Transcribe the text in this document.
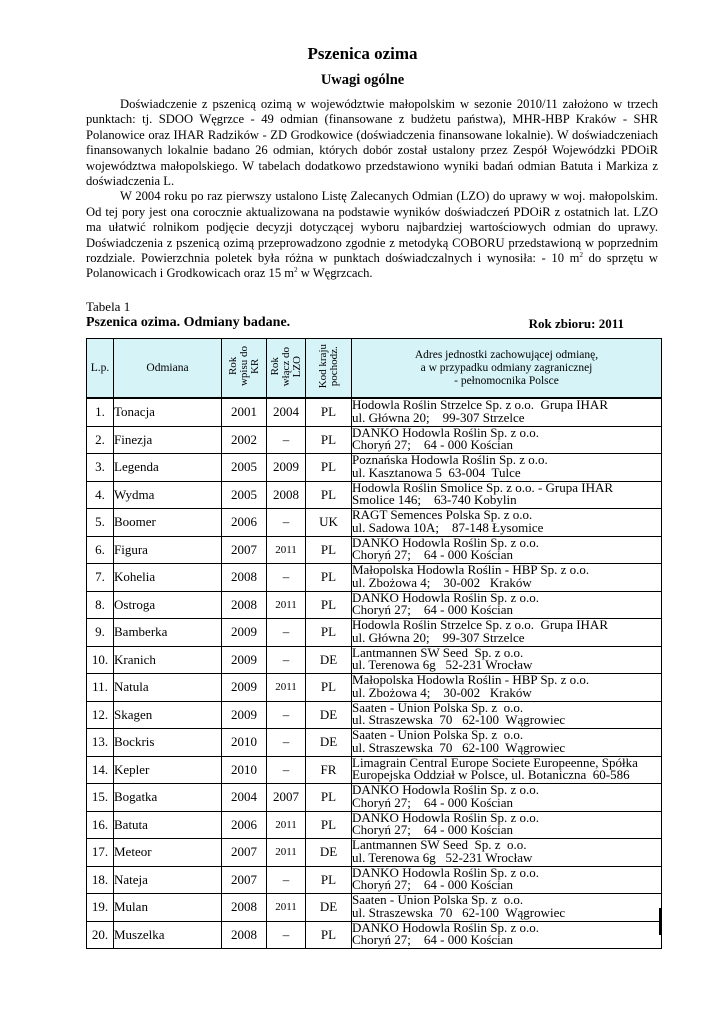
Pszenica ozima
Uwagi ogólne

Doświadczenie z pszenicą ozimą w województwie małopolskim w sezonie 2010/11 założono w trzech punktach: tj. SDOO Węgrzce - 49 odmian (finansowane z budżetu państwa), MHR-HBP Kraków - SHR Polanowice oraz IHAR Radzików - ZD Grodkowice (doświadczenia finansowane lokalnie). W doświadczeniach finansowanych lokalnie badano 26 odmian, których dobór został ustalony przez Zespół Wojewódzki PDOiR województwa małopolskiego. W tabelach dodatkowo przedstawiono wyniki badań odmian Batuta i Markiza z doświadczenia L.

W 2004 roku po raz pierwszy ustalono Listę Zalecanych Odmian (LZO) do uprawy w woj. małopolskim. Od tej pory jest ona corocznie aktualizowana na podstawie wyników doświadczeń PDOiR z ostatnich lat. LZO ma ułatwić rolnikom podjęcie decyzji dotyczącej wyboru najbardziej wartościowych odmian do uprawy. Doświadczenia z pszenicą ozimą przeprowadzono zgodnie z metodyką COBORU przedstawioną w poprzednim rozdziale. Powierzchnia poletek była różna w punktach doświadczalnych i wynosiła: - 10 $m^2$ do sprzętu w Polanowicach i Grodkowicach oraz 15 $m^2$ w Węgrzcach.

Tabela 1
Pszenica ozima. Odmiany badane.	Rok zbioru: 2011
L.p.	Odmiana	Rok
wpisu do
KR	Rok
włącz do
LZO	Kod kraju
pochodz.	Adres jednostki zachowującej odmianę,
a w przypadku odmiany zagranicznej
- pełnomocnika Polsce
1.	Tonacja	2001	2004	PL	Hodowla Roślin Strzelce Sp. z o.o.  Grupa IHAR
ul. Główna 20;    99-307 Strzelce
2.	Finezja	2002	–	PL	DANKO Hodowla Roślin Sp. z o.o.
Choryń 27;    64 - 000 Kościan
3.	Legenda	2005	2009	PL	Poznańska Hodowla Roślin Sp. z o.o.
ul. Kasztanowa 5  63-004  Tulce
4.	Wydma	2005	2008	PL	Hodowla Roślin Smolice Sp. z o.o. - Grupa IHAR
Smolice 146;    63-740 Kobylin
5.	Boomer	2006	–	UK	RAGT Semences Polska Sp. z o.o.
ul. Sadowa 10A;    87-148 Łysomice
6.	Figura	2007	2011	PL	DANKO Hodowla Roślin Sp. z o.o.
Choryń 27;    64 - 000 Kościan
7.	Kohelia	2008	–	PL	Małopolska Hodowla Roślin - HBP Sp. z o.o.
ul. Zbożowa 4;    30-002   Kraków
8.	Ostroga	2008	2011	PL	DANKO Hodowla Roślin Sp. z o.o.
Choryń 27;    64 - 000 Kościan
9.	Bamberka	2009	–	PL	Hodowla Roślin Strzelce Sp. z o.o.  Grupa IHAR
ul. Główna 20;    99-307 Strzelce
10.	Kranich	2009	–	DE	Lantmannen SW Seed  Sp. z o.o.
ul. Terenowa 6g   52-231 Wrocław
11.	Natula	2009	2011	PL	Małopolska Hodowla Roślin - HBP Sp. z o.o.
ul. Zbożowa 4;    30-002   Kraków
12.	Skagen	2009	–	DE	Saaten - Union Polska Sp. z  o.o.
ul. Straszewska  70   62-100  Wągrowiec
13.	Bockris	2010	–	DE	Saaten - Union Polska Sp. z  o.o.
ul. Straszewska  70   62-100  Wągrowiec
14.	Kepler	2010	–	FR	Limagrain Central Europe Societe Europeenne, Spółka
Europejska Oddział w Polsce, ul. Botaniczna  60-586
15.	Bogatka	2004	2007	PL	DANKO Hodowla Roślin Sp. z o.o.
Choryń 27;    64 - 000 Kościan
16.	Batuta	2006	2011	PL	DANKO Hodowla Roślin Sp. z o.o.
Choryń 27;    64 - 000 Kościan
17.	Meteor	2007	2011	DE	Lantmannen SW Seed  Sp. z  o.o.
ul. Terenowa 6g   52-231 Wrocław
18.	Nateja	2007	–	PL	DANKO Hodowla Roślin Sp. z o.o.
Choryń 27;    64 - 000 Kościan
19.	Mulan	2008	2011	DE	Saaten - Union Polska Sp. z  o.o.
ul. Straszewska  70   62-100  Wągrowiec
20.	Muszelka	2008	–	PL	DANKO Hodowla Roślin Sp. z o.o.
Choryń 27;    64 - 000 Kościan
